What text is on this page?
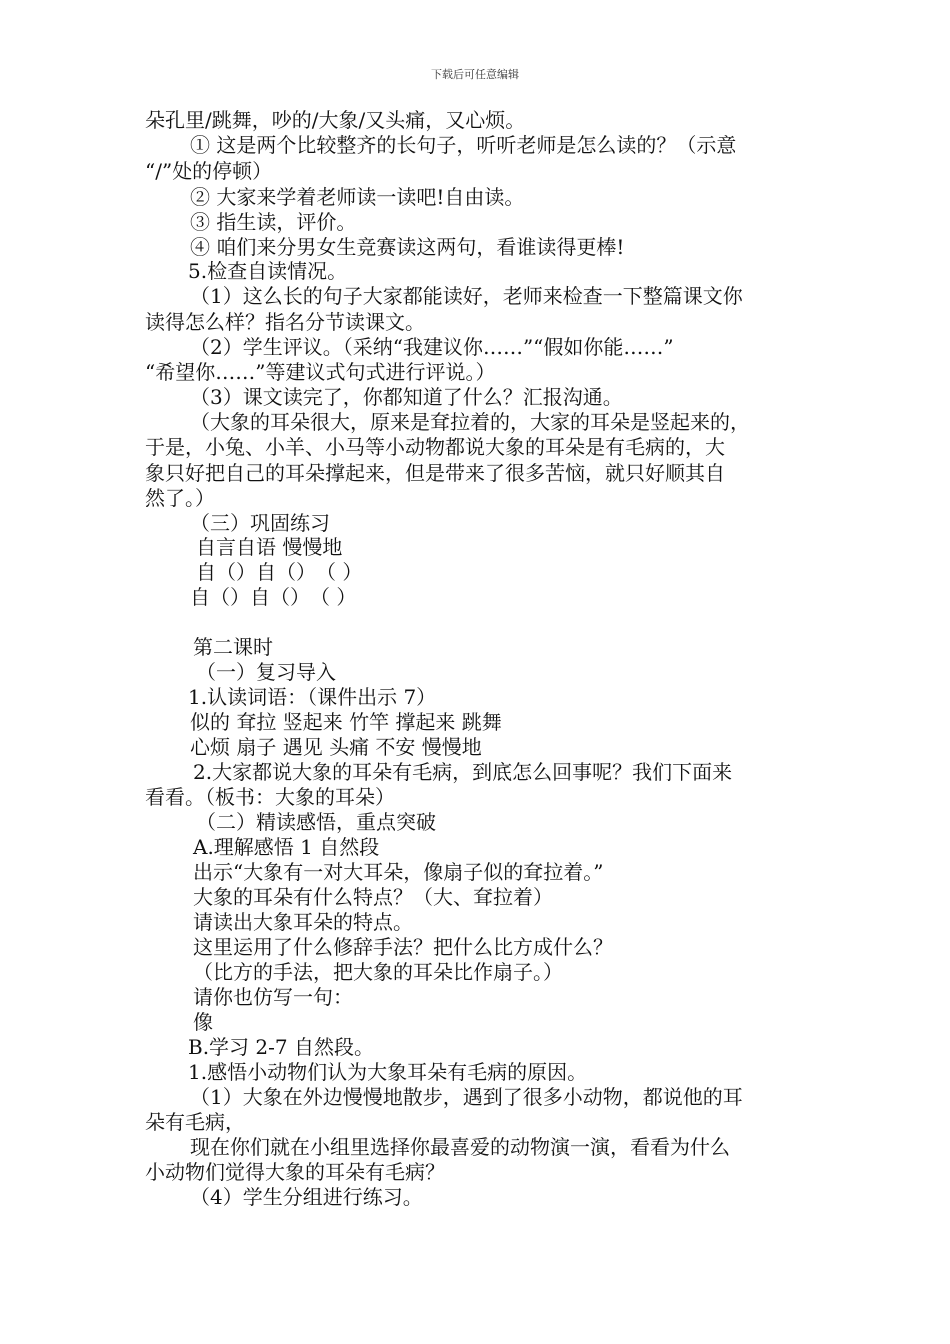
下载后可任意编辑
朵孔里/跳舞，吵的/大象/又头痛，又心烦。
① 这是两个比较整齐的长句子，听听老师是怎么读的？（示意
“/”处的停顿）
② 大家来学着老师读一读吧!自由读。
③ 指生读，评价。
④ 咱们来分男女生竞赛读这两句，看谁读得更棒!
5.检查自读情况。
（1）这么长的句子大家都能读好，老师来检查一下整篇课文你
读得怎么样？指名分节读课文。
（2）学生评议。（采纳“我建议你……”“假如你能……”
“希望你……”等建议式句式进行评说。）
（3）课文读完了，你都知道了什么？汇报沟通。
（大象的耳朵很大，原来是耷拉着的，大家的耳朵是竖起来的，
于是，小兔、小羊、小马等小动物都说大象的耳朵是有毛病的，大
象只好把自己的耳朵撑起来，但是带来了很多苦恼，就只好顺其自
然了。）
（三）巩固练习
自言自语 慢慢地
自（）自（）　（ ）
自（）自（）　（ ）
第二课时
（一）复习导入
1.认读词语：（课件出示 7）
似的 耷拉 竖起来 竹竿 撑起来 跳舞
心烦 扇子 遇见 头痛 不安 慢慢地
2.大家都说大象的耳朵有毛病，到底怎么回事呢？我们下面来
看看。（板书：大象的耳朵）
（二）精读感悟，重点突破
A.理解感悟 1 自然段
出示“大象有一对大耳朵，像扇子似的耷拉着。”
大象的耳朵有什么特点？（大、耷拉着）
请读出大象耳朵的特点。
这里运用了什么修辞手法？把什么比方成什么？
（比方的手法，把大象的耳朵比作扇子。）
请你也仿写一句：
像
B.学习 2-7 自然段。
1.感悟小动物们认为大象耳朵有毛病的原因。
（1）大象在外边慢慢地散步，遇到了很多小动物，都说他的耳
朵有毛病，
现在你们就在小组里选择你最喜爱的动物演一演，看看为什么
小动物们觉得大象的耳朵有毛病？
（4）学生分组进行练习。
